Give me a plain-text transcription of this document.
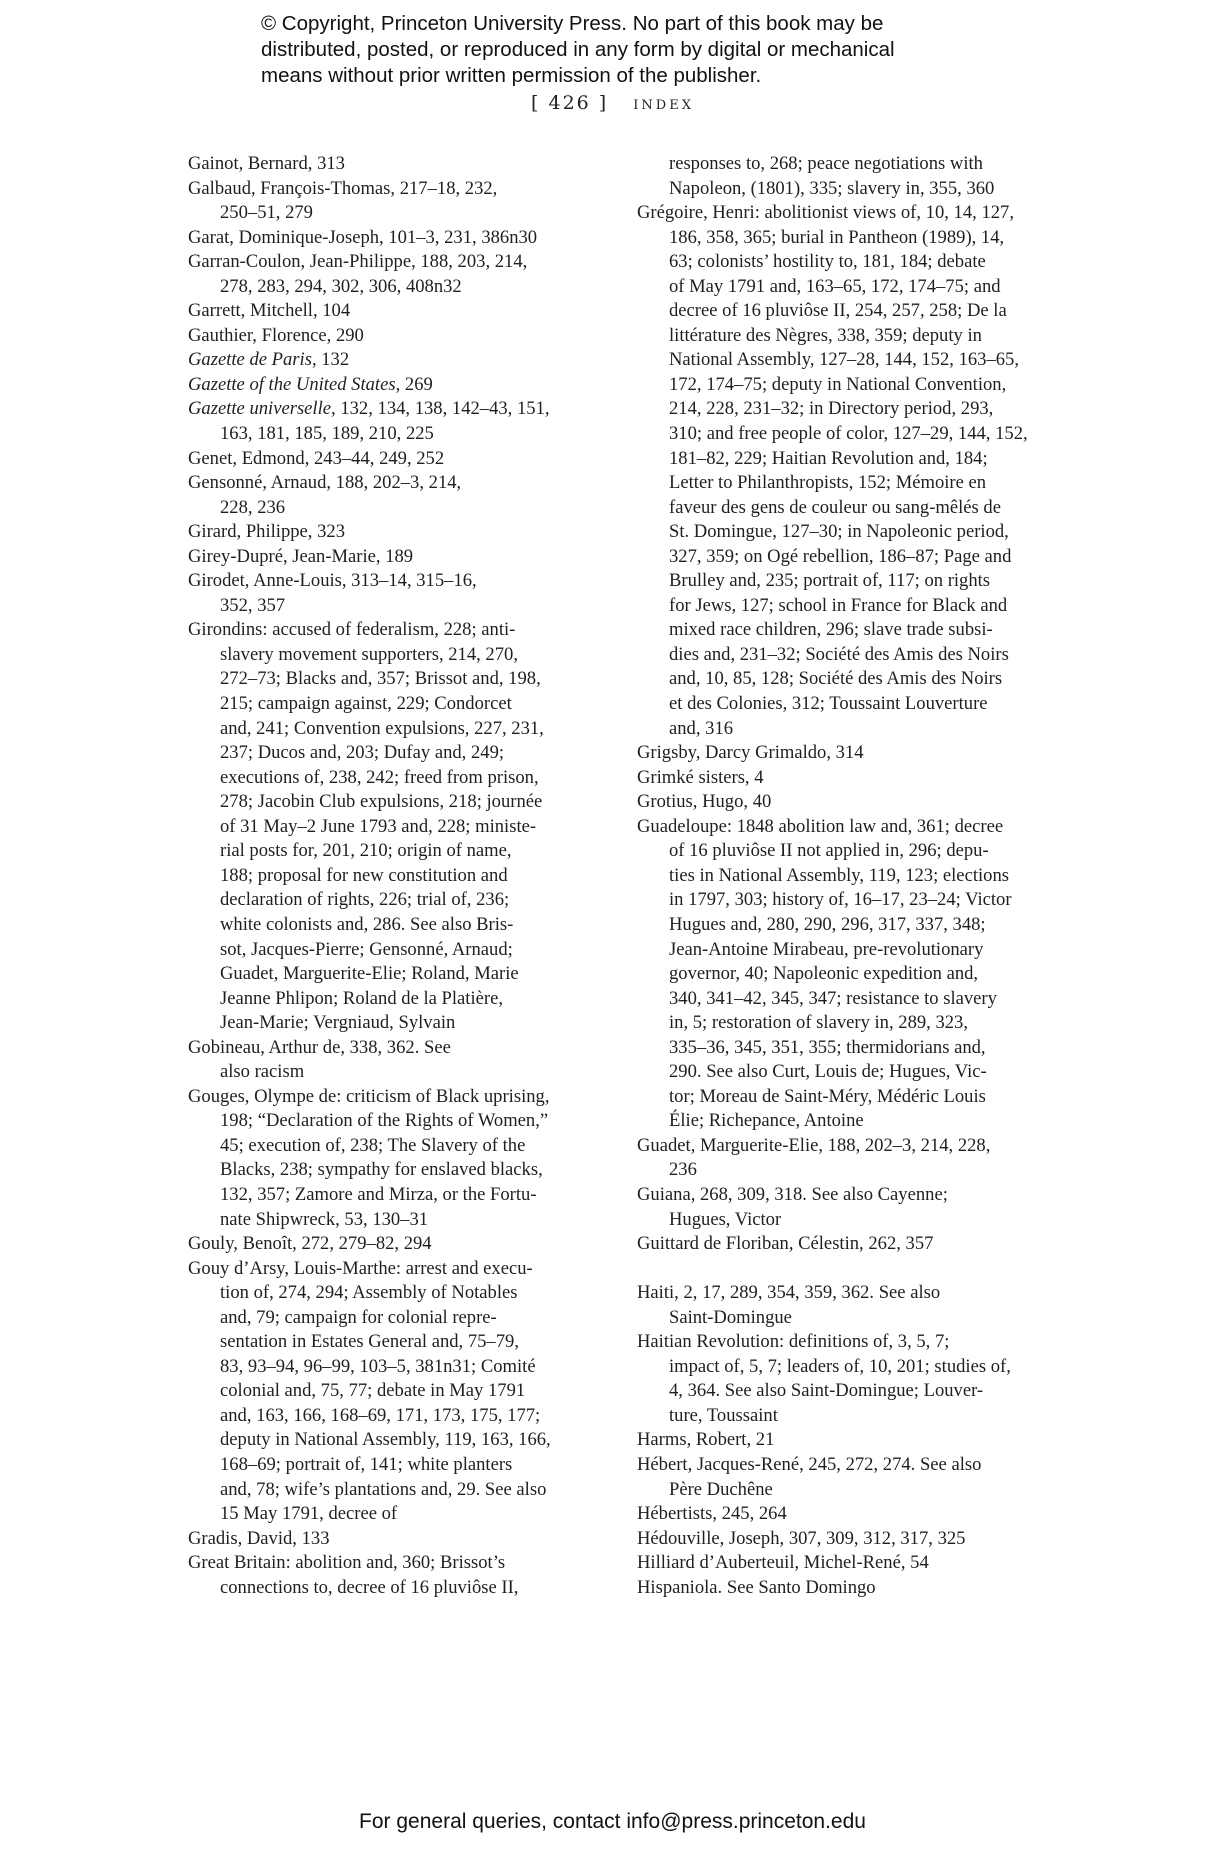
© Copyright, Princeton University Press. No part of this book may be
distributed, posted, or reproduced in any form by digital or mechanical
means without prior written permission of the publisher.
[ 426 ] index
Gainot, Bernard, 313
Galbaud, François-Thomas, 217–18, 232,
250–51, 279
Garat, Dominique-Joseph, 101–3, 231, 386n30
Garran-Coulon, Jean-Philippe, 188, 203, 214,
278, 283, 294, 302, 306, 408n32
Garrett, Mitchell, 104
Gauthier, Florence, 290
Gazette de Paris, 132
Gazette of the United States, 269
Gazette universelle, 132, 134, 138, 142–43, 151,
163, 181, 185, 189, 210, 225
Genet, Edmond, 243–44, 249, 252
Gensonné, Arnaud, 188, 202–3, 214,
228, 236
Girard, Philippe, 323
Girey-Dupré, Jean-Marie, 189
Girodet, Anne-Louis, 313–14, 315–16,
352, 357
Girondins: accused of federalism, 228; anti-
slavery movement supporters, 214, 270,
272–73; Blacks and, 357; Brissot and, 198,
215; campaign against, 229; Condorcet
and, 241; Convention expulsions, 227, 231,
237; Ducos and, 203; Dufay and, 249;
executions of, 238, 242; freed from prison,
278; Jacobin Club expulsions, 218; journée
of 31 May–2 June 1793 and, 228; ministe-
rial posts for, 201, 210; origin of name,
188; proposal for new constitution and
declaration of rights, 226; trial of, 236;
white colonists and, 286. See also Bris-
sot, Jacques-Pierre; Gensonné, Arnaud;
Guadet, Marguerite-Elie; Roland, Marie
Jeanne Phlipon; Roland de la Platière,
Jean-Marie; Vergniaud, Sylvain
Gobineau, Arthur de, 338, 362. See
also racism
Gouges, Olympe de: criticism of Black uprising,
198; “Declaration of the Rights of Women,”
45; execution of, 238; The Slavery of the
Blacks, 238; sympathy for enslaved blacks,
132, 357; Zamore and Mirza, or the Fortu-
nate Shipwreck, 53, 130–31
Gouly, Benoît, 272, 279–82, 294
Gouy d’Arsy, Louis-Marthe: arrest and execu-
tion of, 274, 294; Assembly of Notables
and, 79; campaign for colonial repre-
sentation in Estates General and, 75–79,
83, 93–94, 96–99, 103–5, 381n31; Comité
colonial and, 75, 77; debate in May 1791
and, 163, 166, 168–69, 171, 173, 175, 177;
deputy in National Assembly, 119, 163, 166,
168–69; portrait of, 141; white planters
and, 78; wife’s plantations and, 29. See also
15 May 1791, decree of
Gradis, David, 133
Great Britain: abolition and, 360; Brissot’s
connections to, decree of 16 pluviôse II,
responses to, 268; peace negotiations with
Napoleon, (1801), 335; slavery in, 355, 360
Grégoire, Henri: abolitionist views of, 10, 14, 127,
186, 358, 365; burial in Pantheon (1989), 14,
63; colonists’ hostility to, 181, 184; debate
of May 1791 and, 163–65, 172, 174–75; and
decree of 16 pluviôse II, 254, 257, 258; De la
littérature des Nègres, 338, 359; deputy in
National Assembly, 127–28, 144, 152, 163–65,
172, 174–75; deputy in National Convention,
214, 228, 231–32; in Directory period, 293,
310; and free people of color, 127–29, 144, 152,
181–82, 229; Haitian Revolution and, 184;
Letter to Philanthropists, 152; Mémoire en
faveur des gens de couleur ou sang-mêlés de
St. Domingue, 127–30; in Napoleonic period,
327, 359; on Ogé rebellion, 186–87; Page and
Brulley and, 235; portrait of, 117; on rights
for Jews, 127; school in France for Black and
mixed race children, 296; slave trade subsi-
dies and, 231–32; Société des Amis des Noirs
and, 10, 85, 128; Société des Amis des Noirs
et des Colonies, 312; Toussaint Louverture
and, 316
Grigsby, Darcy Grimaldo, 314
Grimké sisters, 4
Grotius, Hugo, 40
Guadeloupe: 1848 abolition law and, 361; decree
of 16 pluviôse II not applied in, 296; depu-
ties in National Assembly, 119, 123; elections
in 1797, 303; history of, 16–17, 23–24; Victor
Hugues and, 280, 290, 296, 317, 337, 348;
Jean-Antoine Mirabeau, pre-revolutionary
governor, 40; Napoleonic expedition and,
340, 341–42, 345, 347; resistance to slavery
in, 5; restoration of slavery in, 289, 323,
335–36, 345, 351, 355; thermidorians and,
290. See also Curt, Louis de; Hugues, Vic-
tor; Moreau de Saint-Méry, Médéric Louis
Élie; Richepance, Antoine
Guadet, Marguerite-Elie, 188, 202–3, 214, 228,
236
Guiana, 268, 309, 318. See also Cayenne;
Hugues, Victor
Guittard de Floriban, Célestin, 262, 357
Haiti, 2, 17, 289, 354, 359, 362. See also
Saint-Domingue
Haitian Revolution: definitions of, 3, 5, 7;
impact of, 5, 7; leaders of, 10, 201; studies of,
4, 364. See also Saint-Domingue; Louver-
ture, Toussaint
Harms, Robert, 21
Hébert, Jacques-René, 245, 272, 274. See also
Père Duchêne
Hébertists, 245, 264
Hédouville, Joseph, 307, 309, 312, 317, 325
Hilliard d’Auberteuil, Michel-René, 54
Hispaniola. See Santo Domingo
For general queries, contact info@press.princeton.edu
